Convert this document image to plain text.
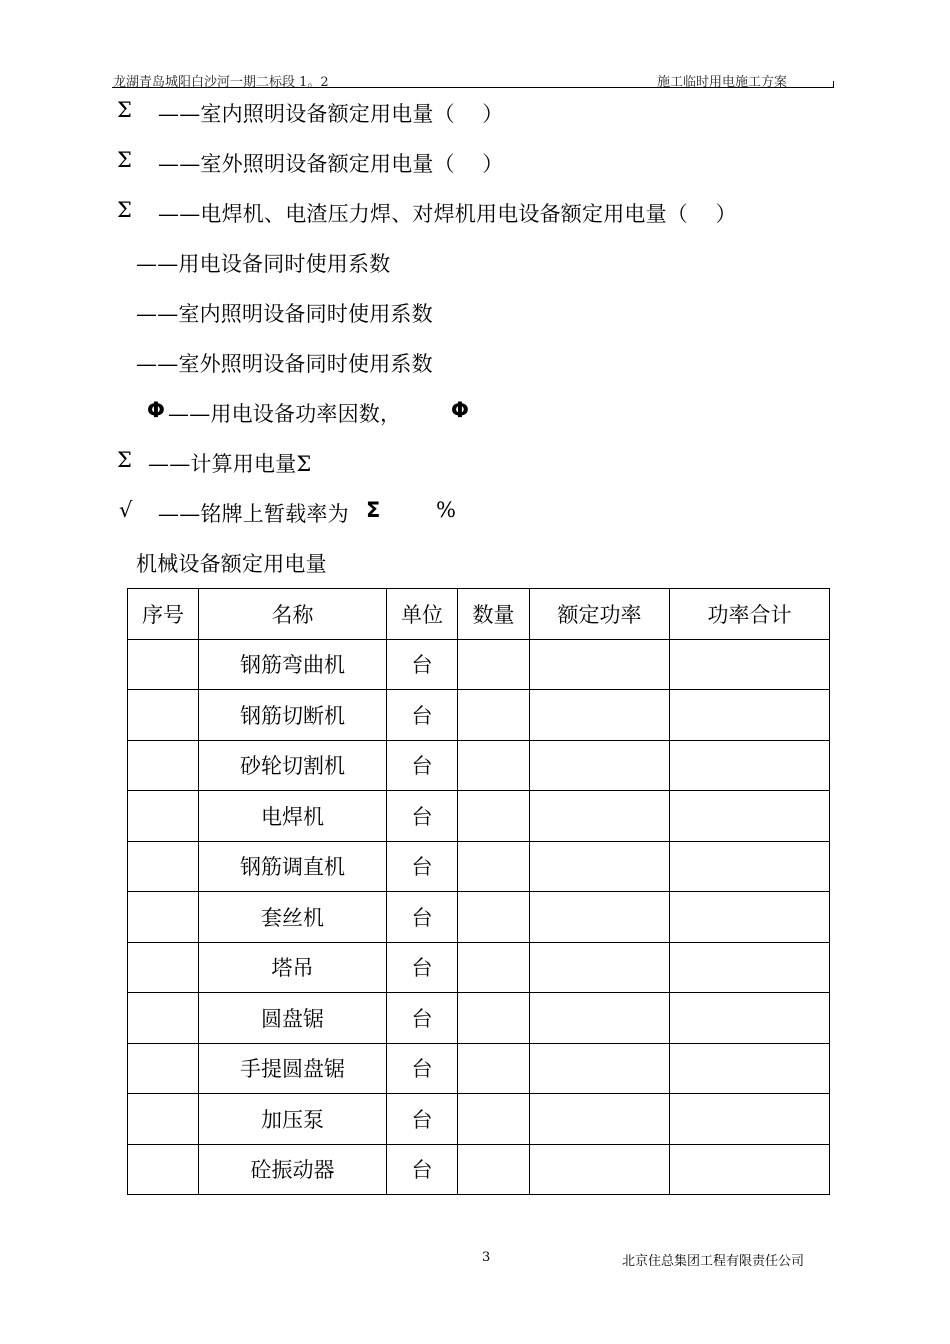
龙湖青岛城阳白沙河一期二标段 1。2	施工临时用电施工方案
Σ ——室内照明设备额定用电量（    ）
Σ ——室外照明设备额定用电量（    ）
Σ ——电焊机、电渣压力焊、对焊机用电设备额定用电量（    ）
——用电设备同时使用系数
——室内照明设备同时使用系数
——室外照明设备同时使用系数
Φ ——用电设备功率因数， Φ
Σ ——计算用电量Σ
√ ——铭牌上暂载率为 Σ	%
机械设备额定用电量
序号	名称	单位	数量	额定功率	功率合计
	钢筋弯曲机	台			
	钢筋切断机	台			
	砂轮切割机	台			
	电焊机	台			
	钢筋调直机	台			
	套丝机	台			
	塔吊	台			
	圆盘锯	台			
	手提圆盘锯	台			
	加压泵	台			
	砼振动器	台			
3	北京住总集团工程有限责任公司
